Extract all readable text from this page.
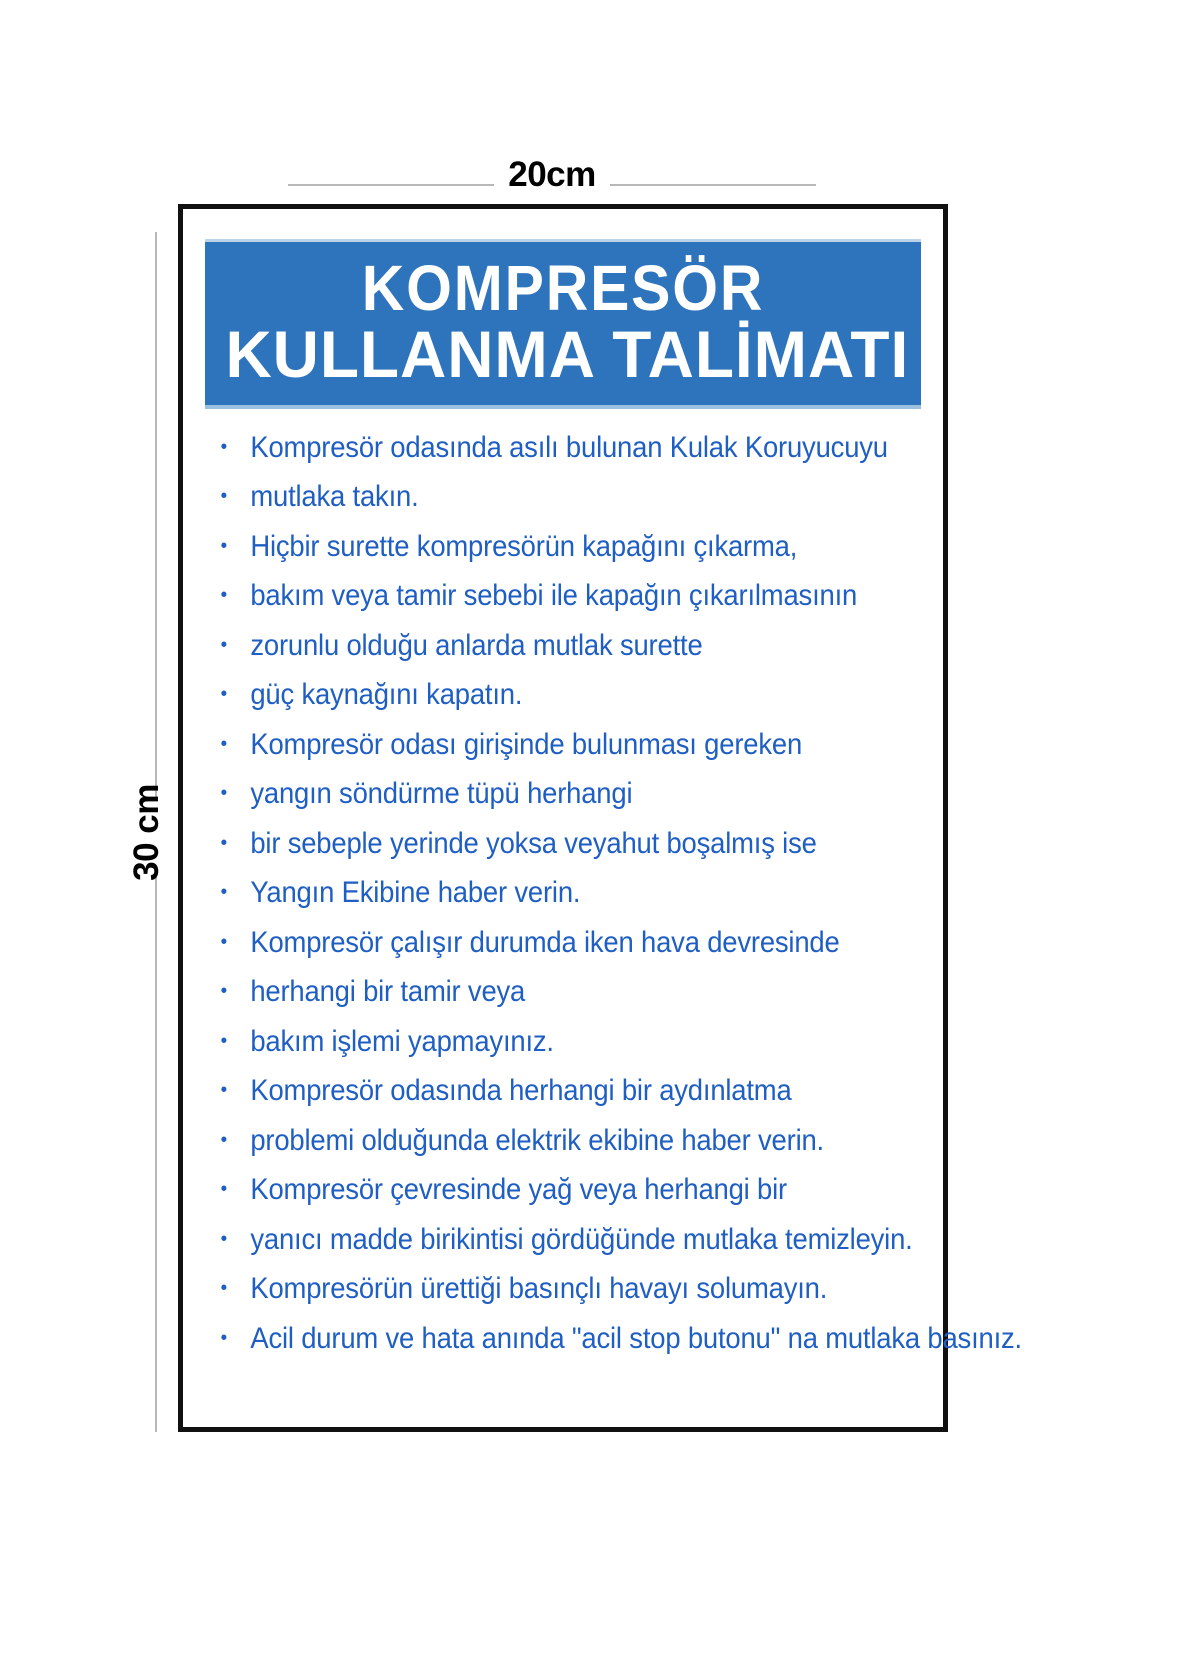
20cm
30 cm
KOMPRESÖR
KULLANMA TALİMATI
• Kompresör odasında asılı bulunan Kulak Koruyucuyu
• mutlaka takın.
• Hiçbir surette kompresörün kapağını çıkarma,
• bakım veya tamir sebebi ile kapağın çıkarılmasının
• zorunlu olduğu anlarda mutlak surette
• güç kaynağını kapatın.
• Kompresör odası girişinde bulunması gereken
• yangın söndürme tüpü herhangi
• bir sebeple yerinde yoksa veyahut boşalmış ise
• Yangın Ekibine haber verin.
• Kompresör çalışır durumda iken hava devresinde
• herhangi bir tamir veya
• bakım işlemi yapmayınız.
• Kompresör odasında herhangi bir aydınlatma
• problemi olduğunda elektrik ekibine haber verin.
• Kompresör çevresinde yağ veya herhangi bir
• yanıcı madde birikintisi gördüğünde mutlaka temizleyin.
• Kompresörün ürettiği basınçlı havayı solumayın.
• Acil durum ve hata anında "acil stop butonu" na mutlaka basınız.
